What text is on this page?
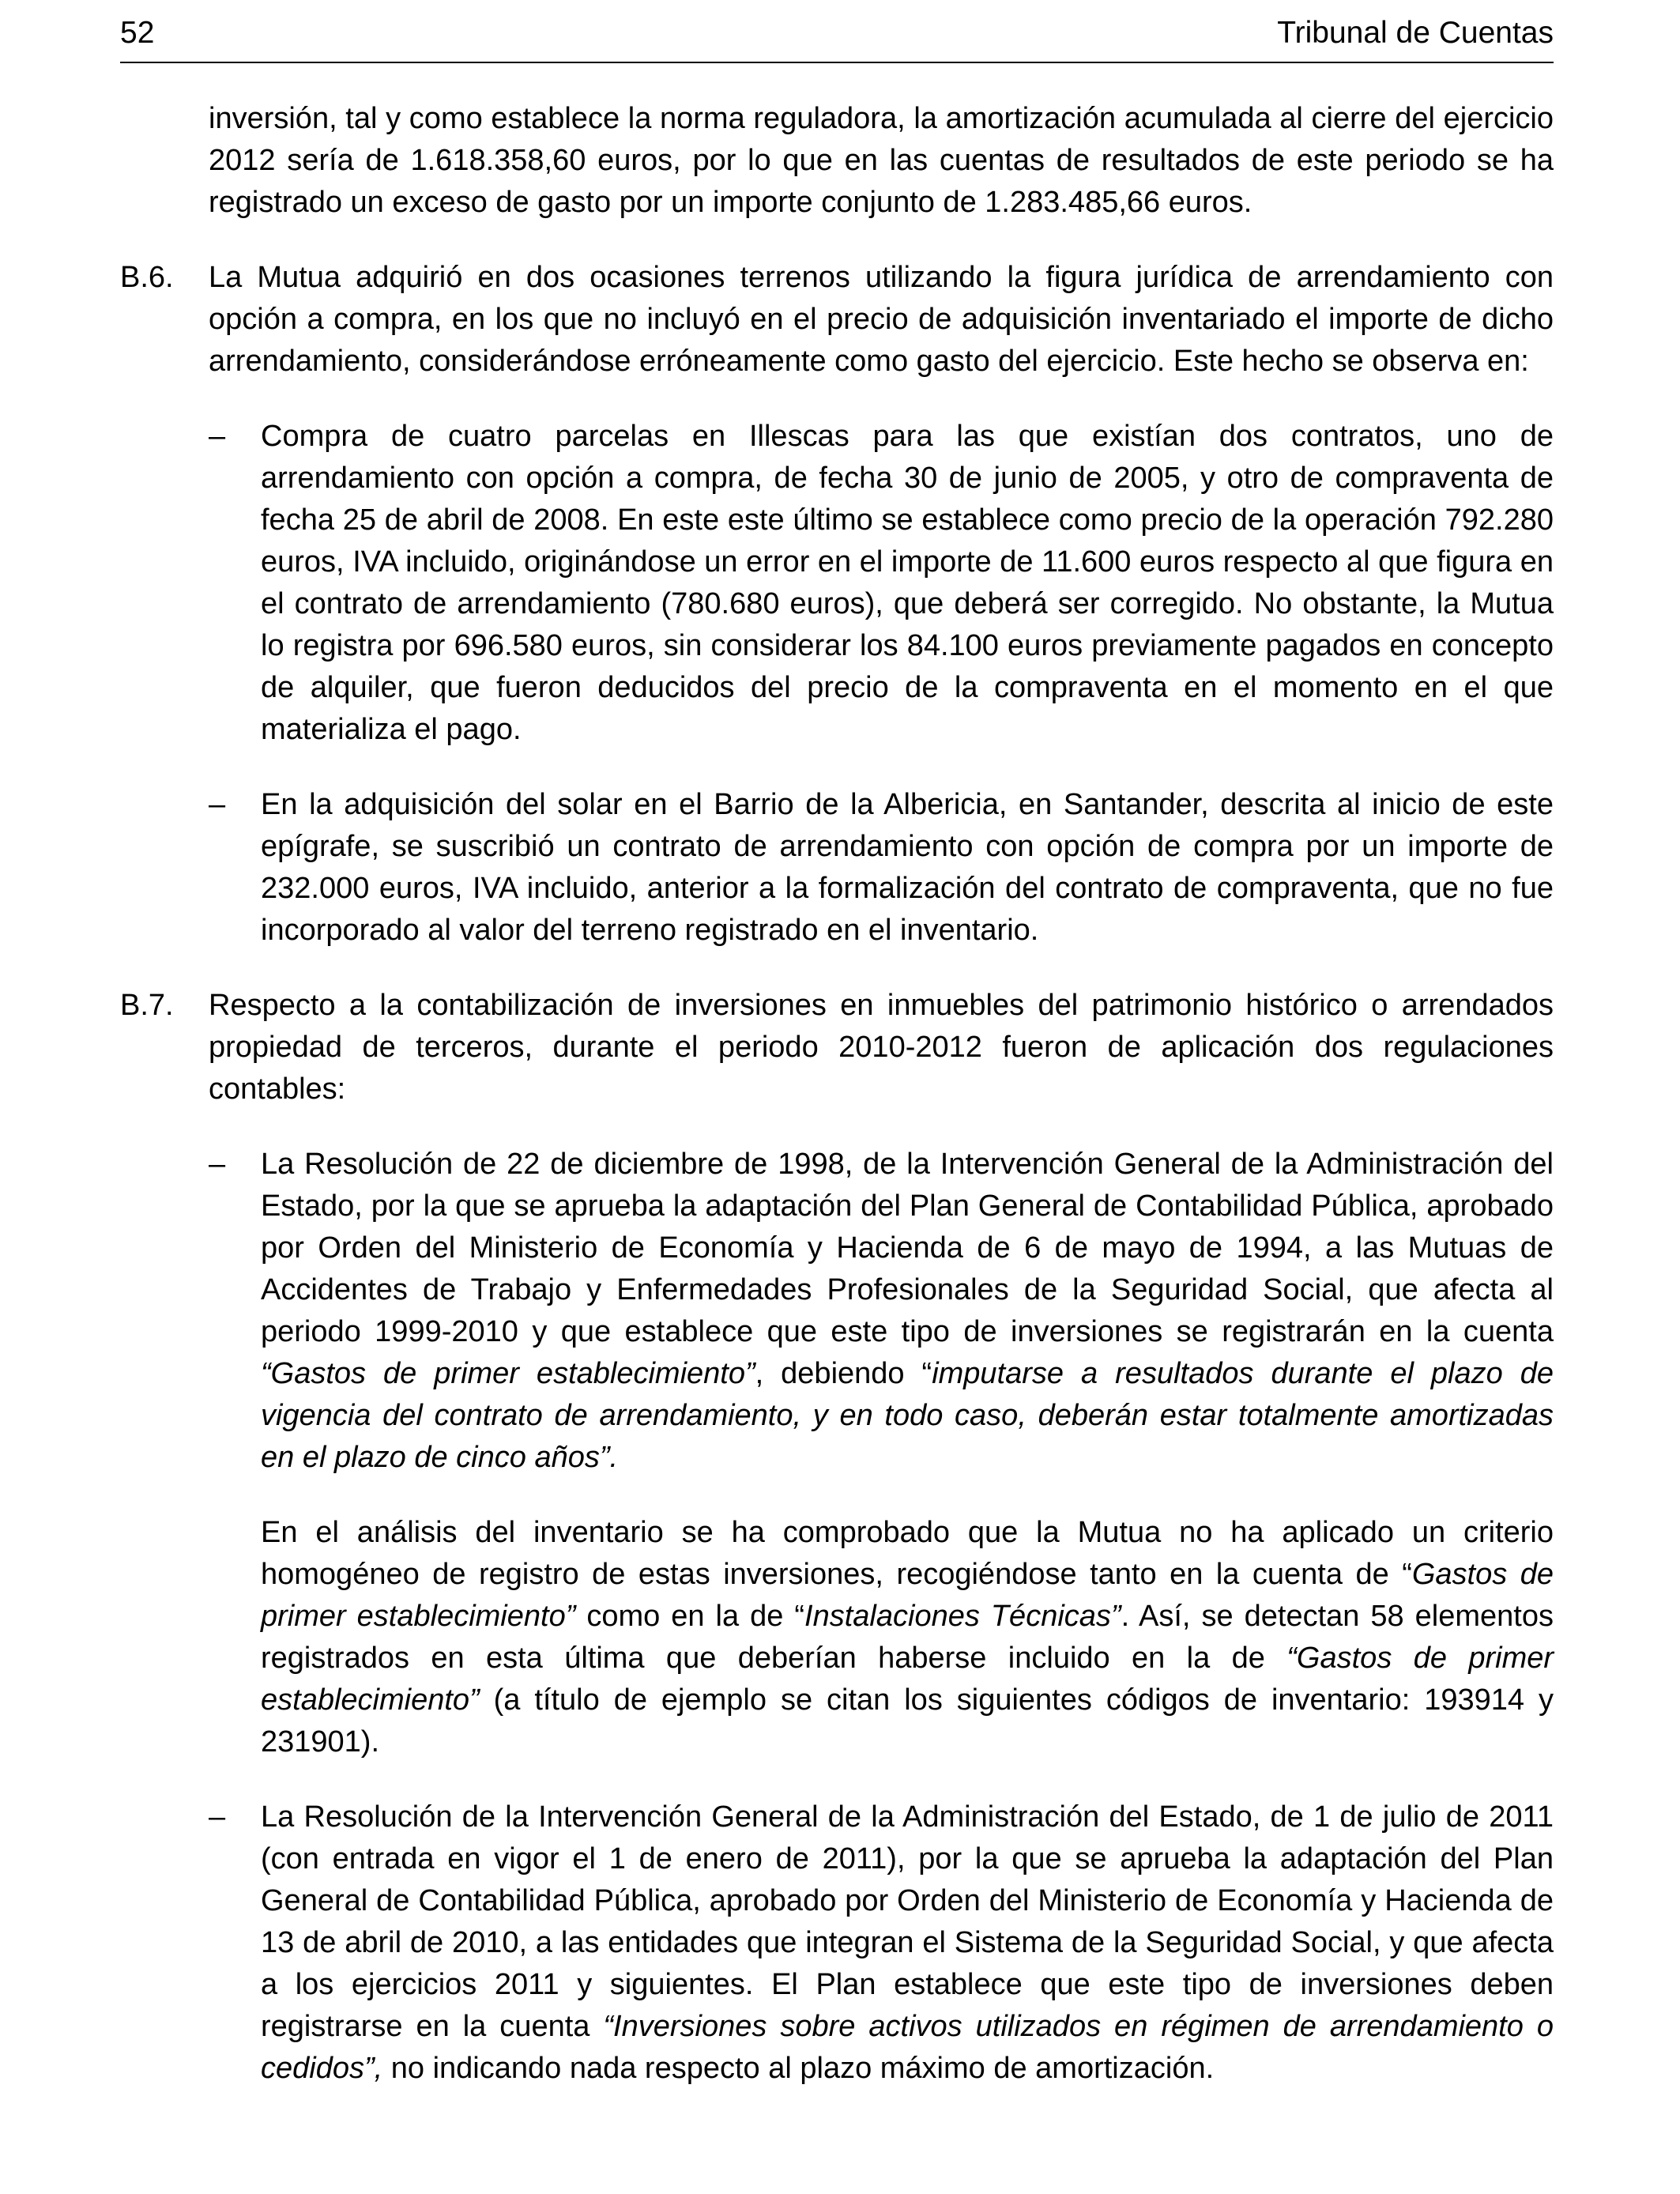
52	Tribunal de Cuentas

inversión, tal y como establece la norma reguladora, la amortización acumulada al cierre del ejercicio 2012 sería de 1.618.358,60 euros, por lo que en las cuentas de resultados de este periodo se ha registrado un exceso de gasto por un importe conjunto de 1.283.485,66 euros.

B.6.	La Mutua adquirió en dos ocasiones terrenos utilizando la figura jurídica de arrendamiento con opción a compra, en los que no incluyó en el precio de adquisición inventariado el importe de dicho arrendamiento, considerándose erróneamente como gasto del ejercicio. Este hecho se observa en:

–	Compra de cuatro parcelas en Illescas para las que existían dos contratos, uno de arrendamiento con opción a compra, de fecha 30 de junio de 2005, y otro de compraventa de fecha 25 de abril de 2008. En este este último se establece como precio de la operación 792.280 euros, IVA incluido, originándose un error en el importe de 11.600 euros respecto al que figura en el contrato de arrendamiento (780.680 euros), que deberá ser corregido. No obstante, la Mutua lo registra por 696.580 euros, sin considerar los 84.100 euros previamente pagados en concepto de alquiler, que fueron deducidos del precio de la compraventa en el momento en el que materializa el pago.

–	En la adquisición del solar en el Barrio de la Albericia, en Santander, descrita al inicio de este epígrafe, se suscribió un contrato de arrendamiento con opción de compra por un importe de 232.000 euros, IVA incluido, anterior a la formalización del contrato de compraventa, que no fue incorporado al valor del terreno registrado en el inventario.

B.7.	Respecto a la contabilización de inversiones en inmuebles del patrimonio histórico o arrendados propiedad de terceros, durante el periodo 2010-2012 fueron de aplicación dos regulaciones contables:

–	La Resolución de 22 de diciembre de 1998, de la Intervención General de la Administración del Estado, por la que se aprueba la adaptación del Plan General de Contabilidad Pública, aprobado por Orden del Ministerio de Economía y Hacienda de 6 de mayo de 1994, a las Mutuas de Accidentes de Trabajo y Enfermedades Profesionales de la Seguridad Social, que afecta al periodo 1999-2010 y que establece que este tipo de inversiones se registrarán en la cuenta “Gastos de primer establecimiento”, debiendo “imputarse a resultados durante el plazo de vigencia del contrato de arrendamiento, y en todo caso, deberán estar totalmente amortizadas en el plazo de cinco años”.

En el análisis del inventario se ha comprobado que la Mutua no ha aplicado un criterio homogéneo de registro de estas inversiones, recogiéndose tanto en la cuenta de “Gastos de primer establecimiento” como en la de “Instalaciones Técnicas”. Así, se detectan 58 elementos registrados en esta última que deberían haberse incluido en la de “Gastos de primer establecimiento” (a título de ejemplo se citan los siguientes códigos de inventario: 193914 y 231901).

–	La Resolución de la Intervención General de la Administración del Estado, de 1 de julio de 2011 (con entrada en vigor el 1 de enero de 2011), por la que se aprueba la adaptación del Plan General de Contabilidad Pública, aprobado por Orden del Ministerio de Economía y Hacienda de 13 de abril de 2010, a las entidades que integran el Sistema de la Seguridad Social, y que afecta a los ejercicios 2011 y siguientes. El Plan establece que este tipo de inversiones deben registrarse en la cuenta “Inversiones sobre activos utilizados en régimen de arrendamiento o cedidos”, no indicando nada respecto al plazo máximo de amortización.
